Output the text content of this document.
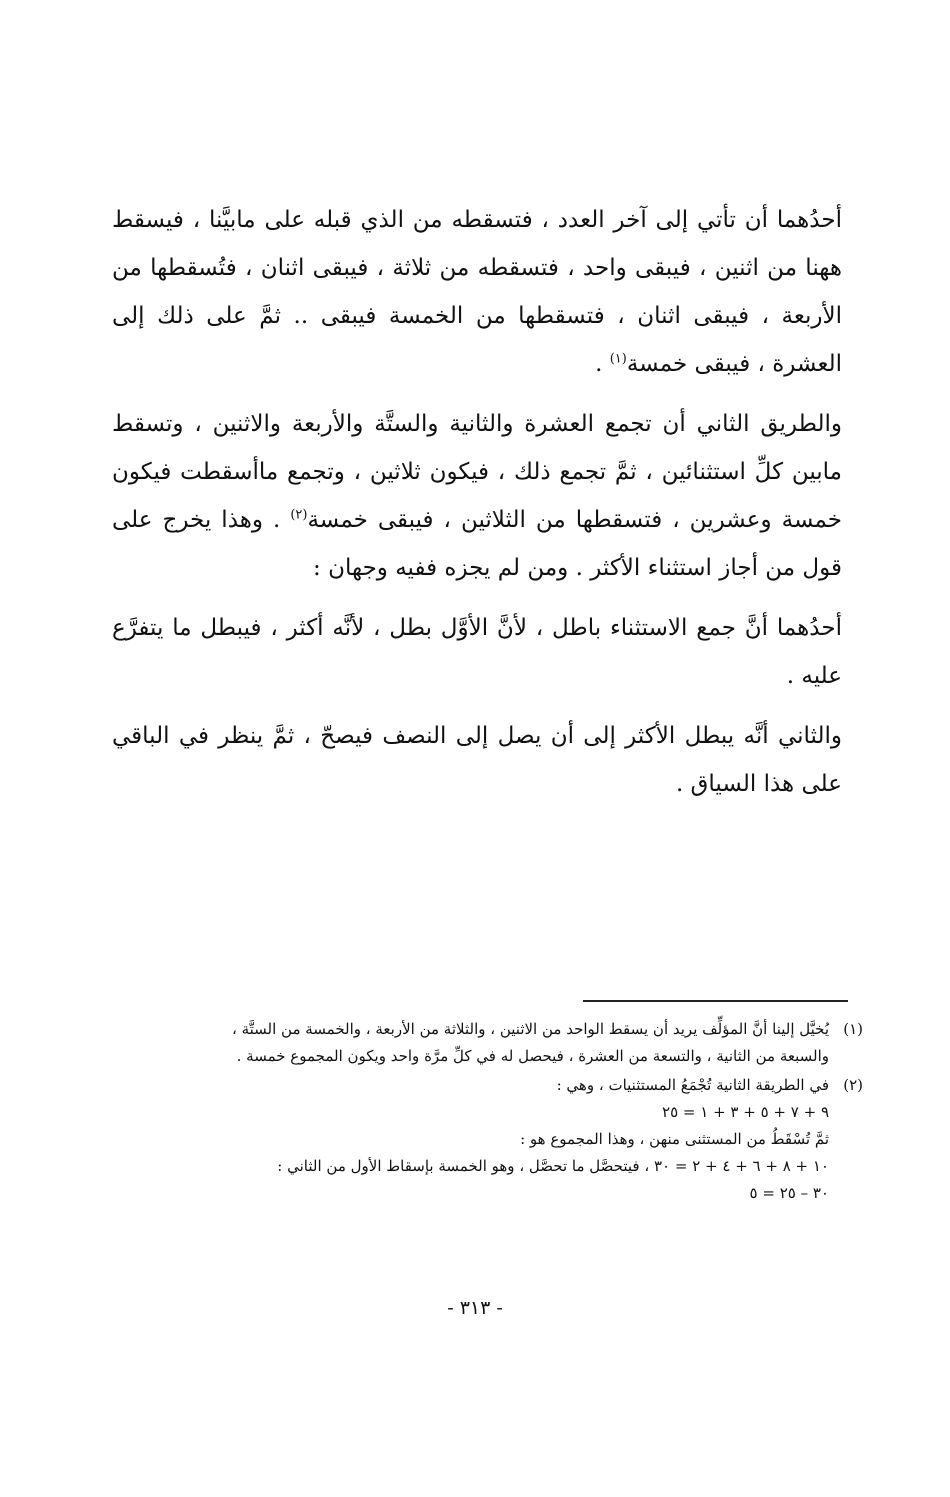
أحدُهما أن تأتي إلى آخر العدد ، فتسقطه من الذي قبله على مابيَّنا ، فيسقط ههنا من اثنين ، فيبقى واحد ، فتسقطه من ثلاثة ، فيبقى اثنان ، فتُسقطها من الأربعة ، فيبقى اثنان ، فتسقطها من الخمسة فيبقى .. ثمَّ على ذلك إلى العشرة ، فيبقى خمسة$^{(١)}$ .

والطريق الثاني أن تجمع العشرة والثانية والستَّة والأربعة والاثنين ، وتسقط مابين كلِّ استثنائين ، ثمَّ تجمع ذلك ، فيكون ثلاثين ، وتجمع ماأسقطت فيكون خمسة وعشرين ، فتسقطها من الثلاثين ، فيبقى خمسة$^{(٢)}$ . وهذا يخرج على قول من أجاز استثناء الأكثر . ومن لم يجزه ففيه وجهان :

أحدُهما أنَّ جمع الاستثناء باطل ، لأنَّ الأوَّل بطل ، لأنَّه أكثر ، فيبطل ما يتفرَّع عليه .

والثاني أنَّه يبطل الأكثر إلى أن يصل إلى النصف فيصحّ ، ثمَّ ينظر في الباقي على هذا السياق .

(١)
يُخيَّل إلينا أنَّ المؤلِّف يريد أن يسقط الواحد من الاثنين ، والثلاثة من الأربعة ، والخمسة من الستَّة ،
والسبعة من الثانية ، والتسعة من العشرة ، فيحصل له في كلِّ مرَّة واحد ويكون المجموع خمسة .
(٢)
في الطريقة الثانية تُجْمَعُ المستثنيات ، وهي :
٩ + ٧ + ٥ + ٣ + ١ = ٢٥
ثمَّ تُسْقَطُ من المستثنى منهن ، وهذا المجموع هو :
١٠ + ٨ + ٦ + ٤ + ٢ = ٣٠ ، فيتحصَّل ما تحصَّل ، وهو الخمسة بإسقاط الأول من الثاني :
٣٠ – ٢٥ = ٥
- ٣١٣ -
